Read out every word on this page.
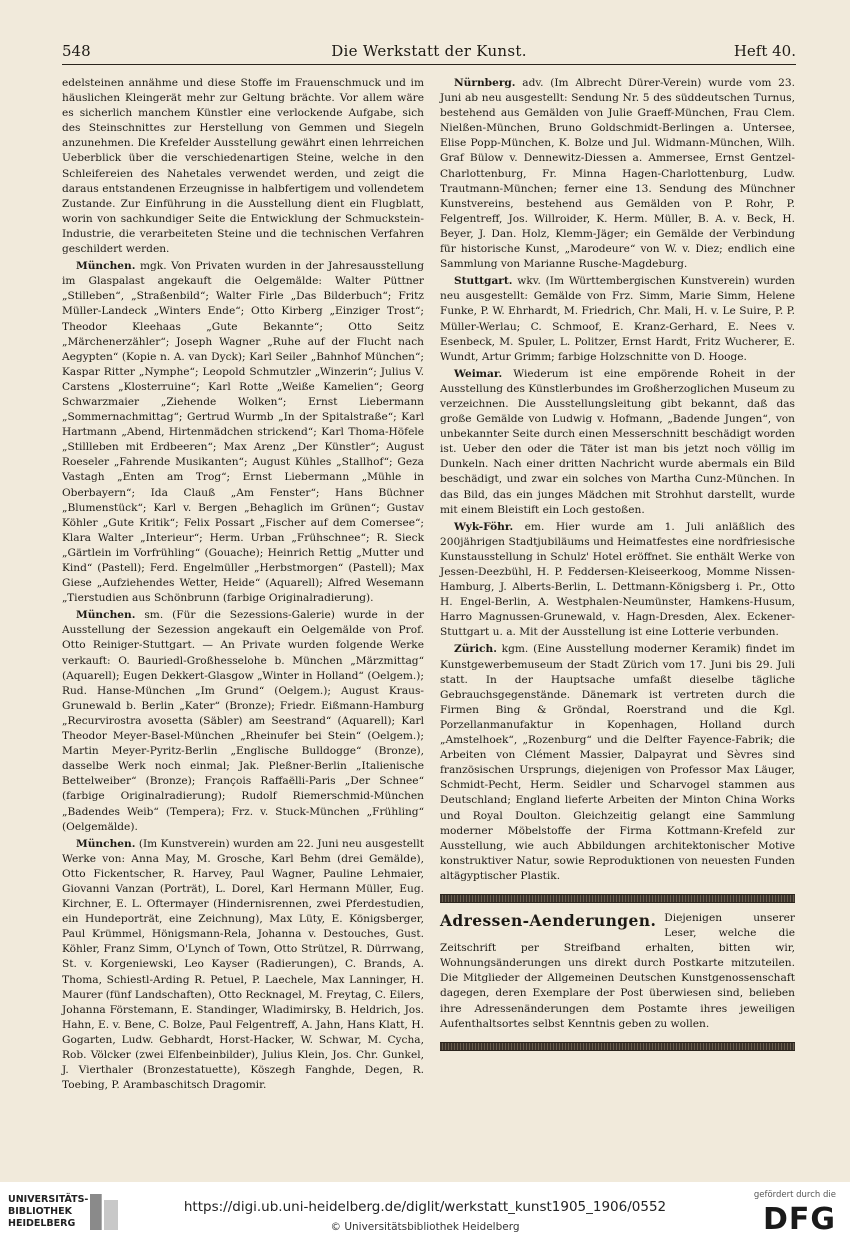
548	Die Werkstatt der Kunst.	Heft 40.

edelsteinen annähme und diese Stoffe im Frauenschmuck und im häuslichen Kleingerät mehr zur Geltung brächte. Vor allem wäre es sicherlich manchem Künstler eine verlockende Aufgabe, sich des Steinschnittes zur Herstellung von Gemmen und Siegeln anzunehmen. Die Krefelder Ausstellung gewährt einen lehrreichen Ueberblick über die verschiedenartigen Steine, welche in den Schleifereien des Nahetales verwendet werden, und zeigt die daraus entstandenen Erzeugnisse in halbfertigem und vollendetem Zustande. Zur Einführung in die Ausstellung dient ein Flugblatt, worin von sachkundiger Seite die Entwicklung der Schmuckstein-Industrie, die verarbeiteten Steine und die technischen Verfahren geschildert werden.

München. mgk. Von Privaten wurden in der Jahresausstellung im Glaspalast angekauft die Oelgemälde: Walter Püttner „Stilleben“, „Straßenbild“; Walter Firle „Das Bilderbuch“; Fritz Müller-Landeck „Winters Ende“; Otto Kirberg „Einziger Trost“; Theodor Kleehaas „Gute Bekannte“; Otto Seitz „Märchenerzähler“; Joseph Wagner „Ruhe auf der Flucht nach Aegypten“ (Kopie n. A. van Dyck); Karl Seiler „Bahnhof München“; Kaspar Ritter „Nymphe“; Leopold Schmutzler „Winzerin“; Julius V. Carstens „Klosterruine“; Karl Rotte „Weiße Kamelien“; Georg Schwarzmaier „Ziehende Wolken“; Ernst Liebermann „Sommernachmittag“; Gertrud Wurmb „In der Spitalstraße“; Karl Hartmann „Abend, Hirtenmädchen strickend“; Karl Thoma-Höfele „Stillleben mit Erdbeeren“; Max Arenz „Der Künstler“; August Roeseler „Fahrende Musikanten“; August Kühles „Stallhof“; Geza Vastagh „Enten am Trog“; Ernst Liebermann „Mühle in Oberbayern“; Ida Clauß „Am Fenster“; Hans Büchner „Blumenstück“; Karl v. Bergen „Behaglich im Grünen“; Gustav Köhler „Gute Kritik“; Felix Possart „Fischer auf dem Comersee“; Klara Walter „Interieur“; Herm. Urban „Frühschnee“; R. Sieck „Gärtlein im Vorfrühling“ (Gouache); Heinrich Rettig „Mutter und Kind“ (Pastell); Ferd. Engelmüller „Herbstmorgen“ (Pastell); Max Giese „Aufziehendes Wetter, Heide“ (Aquarell); Alfred Wesemann „Tierstudien aus Schönbrunn (farbige Originalradierung).

München. sm. (Für die Sezessions-Galerie) wurde in der Ausstellung der Sezession angekauft ein Oelgemälde von Prof. Otto Reiniger-Stuttgart. — An Private wurden folgende Werke verkauft: O. Bauriedl-Großhesselohe b. München „Märzmittag“ (Aquarell); Eugen Dekkert-Glasgow „Winter in Holland“ (Oelgem.); Rud. Hanse-München „Im Grund“ (Oelgem.); August Kraus-Grunewald b. Berlin „Kater“ (Bronze); Friedr. Eißmann-Hamburg „Recurvirostra avosetta (Säbler) am Seestrand“ (Aquarell); Karl Theodor Meyer-Basel-München „Rheinufer bei Stein“ (Oelgem.); Martin Meyer-Pyritz-Berlin „Englische Bulldogge“ (Bronze), dasselbe Werk noch einmal; Jak. Pleßner-Berlin „Italienische Bettelweiber“ (Bronze); François Raffaëlli-Paris „Der Schnee“ (farbige Originalradierung); Rudolf Riemerschmid-München „Badendes Weib“ (Tempera); Frz. v. Stuck-München „Frühling“ (Oelgemälde).

München. (Im Kunstverein) wurden am 22. Juni neu ausgestellt Werke von: Anna May, M. Grosche, Karl Behm (drei Gemälde), Otto Fickentscher, R. Harvey, Paul Wagner, Pauline Lehmaier, Giovanni Vanzan (Porträt), L. Dorel, Karl Hermann Müller, Eug. Kirchner, E. L. Oftermayer (Hindernisrennen, zwei Pferdestudien, ein Hundeporträt, eine Zeichnung), Max Lüty, E. Königsberger, Paul Krümmel, Hönigsmann-Rela, Johanna v. Destouches, Gust. Köhler, Franz Simm, O'Lynch of Town, Otto Strützel, R. Dürrwang, St. v. Korgeniewski, Leo Kayser (Radierungen), C. Brands, A. Thoma, Schiestl-Arding R. Petuel, P. Laechele, Max Lanninger, H. Maurer (fünf Landschaften), Otto Recknagel, M. Freytag, C. Eilers, Johanna Förstemann, E. Standinger, Wladimirsky, B. Heldrich, Jos. Hahn, E. v. Bene, C. Bolze, Paul Felgentreff, A. Jahn, Hans Klatt, H. Gogarten, Ludw. Gebhardt, Horst-Hacker, W. Schwar, M. Cycha, Rob. Völcker (zwei Elfenbeinbilder), Julius Klein, Jos. Chr. Gunkel, J. Vierthaler (Bronzestatuette), Köszegh Fanghde, Degen, R. Toebing, P. Arambaschitsch Dragomir.

Nürnberg. adv. (Im Albrecht Dürer-Verein) wurde vom 23. Juni ab neu ausgestellt: Sendung Nr. 5 des süddeutschen Turnus, bestehend aus Gemälden von Julie Graeff-München, Frau Clem. Nielßen-München, Bruno Goldschmidt-Berlingen a. Untersee, Elise Popp-München, K. Bolze und Jul. Widmann-München, Wilh. Graf Bülow v. Dennewitz-Diessen a. Ammersee, Ernst Gentzel-Charlottenburg, Fr. Minna Hagen-Charlottenburg, Ludw. Trautmann-München; ferner eine 13. Sendung des Münchner Kunstvereins, bestehend aus Gemälden von P. Rohr, P. Felgentreff, Jos. Willroider, K. Herm. Müller, B. A. v. Beck, H. Beyer, J. Dan. Holz, Klemm-Jäger; ein Gemälde der Verbindung für historische Kunst, „Marodeure“ von W. v. Diez; endlich eine Sammlung von Marianne Rusche-Magdeburg.

Stuttgart. wkv. (Im Württembergischen Kunstverein) wurden neu ausgestellt: Gemälde von Frz. Simm, Marie Simm, Helene Funke, P. W. Ehrhardt, M. Friedrich, Chr. Mali, H. v. Le Suire, P. P. Müller-Werlau; C. Schmoof, E. Kranz-Gerhard, E. Nees v. Esenbeck, M. Spuler, L. Politzer, Ernst Hardt, Fritz Wucherer, E. Wundt, Artur Grimm; farbige Holzschnitte von D. Hooge.

Weimar. Wiederum ist eine empörende Roheit in der Ausstellung des Künstlerbundes im Großherzoglichen Museum zu verzeichnen. Die Ausstellungsleitung gibt bekannt, daß das große Gemälde von Ludwig v. Hofmann, „Badende Jungen“, von unbekannter Seite durch einen Messerschnitt beschädigt worden ist. Ueber den oder die Täter ist man bis jetzt noch völlig im Dunkeln. Nach einer dritten Nachricht wurde abermals ein Bild beschädigt, und zwar ein solches von Martha Cunz-München. In das Bild, das ein junges Mädchen mit Strohhut darstellt, wurde mit einem Bleistift ein Loch gestoßen.

Wyk-Föhr. em. Hier wurde am 1. Juli anläßlich des 200jährigen Stadtjubiläums und Heimatfestes eine nordfriesische Kunstausstellung in Schulz' Hotel eröffnet. Sie enthält Werke von Jessen-Deezbühl, H. P. Feddersen-Kleiseerkoog, Momme Nissen-Hamburg, J. Alberts-Berlin, L. Dettmann-Königsberg i. Pr., Otto H. Engel-Berlin, A. Westphalen-Neumünster, Hamkens-Husum, Harro Magnussen-Grunewald, v. Hagn-Dresden, Alex. Eckener-Stuttgart u. a. Mit der Ausstellung ist eine Lotterie verbunden.

Zürich. kgm. (Eine Ausstellung moderner Keramik) findet im Kunstgewerbemuseum der Stadt Zürich vom 17. Juni bis 29. Juli statt. In der Hauptsache umfaßt dieselbe tägliche Gebrauchsgegenstände. Dänemark ist vertreten durch die Firmen Bing & Gröndal, Roerstrand und die Kgl. Porzellanmanufaktur in Kopenhagen, Holland durch „Amstelhoek“, „Rozenburg“ und die Delfter Fayence-Fabrik; die Arbeiten von Clément Massier, Dalpayrat und Sèvres sind französischen Ursprungs, diejenigen von Professor Max Läuger, Schmidt-Pecht, Herm. Seidler und Scharvogel stammen aus Deutschland; England lieferte Arbeiten der Minton China Works und Royal Doulton. Gleichzeitig gelangt eine Sammlung moderner Möbelstoffe der Firma Kottmann-Krefeld zur Ausstellung, wie auch Abbildungen architektonischer Motive konstruktiver Natur, sowie Reproduktionen von neuesten Funden altägyptischer Plastik.

Adressen-Aenderungen. Diejenigen unserer Leser, welche die Zeitschrift per Streifband erhalten, bitten wir, Wohnungsänderungen uns direkt durch Postkarte mitzuteilen. Die Mitglieder der Allgemeinen Deutschen Kunstgenossenschaft dagegen, deren Exemplare der Post überwiesen sind, belieben ihre Adressenänderungen dem Postamte ihres jeweiligen Aufenthaltsortes selbst Kenntnis geben zu wollen.
UNIVERSITÄTS-
BIBLIOTHEK
HEIDELBERG
https://digi.ub.uni-heidelberg.de/diglit/werkstatt_kunst1905_1906/0552
© Universitätsbibliothek Heidelberg
gefördert durch die
DFG
